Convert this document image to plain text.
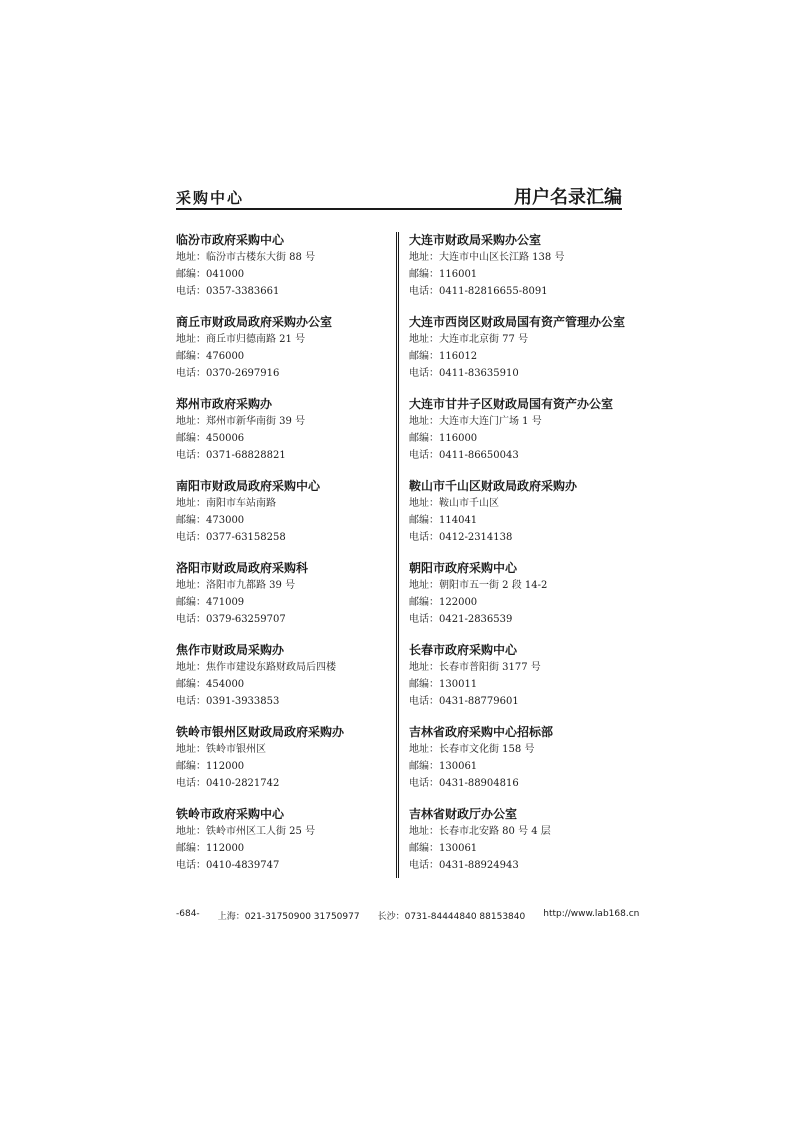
采购中心	用户名录汇编
临汾市政府采购中心
地址：临汾市古楼东大街 88 号
邮编：041000
电话：0357-3383661
商丘市财政局政府采购办公室
地址：商丘市归德南路 21 号
邮编：476000
电话：0370-2697916
郑州市政府采购办
地址：郑州市新华南街 39 号
邮编：450006
电话：0371-68828821
南阳市财政局政府采购中心
地址：南阳市车站南路
邮编：473000
电话：0377-63158258
洛阳市财政局政府采购科
地址：洛阳市九都路 39 号
邮编：471009
电话：0379-63259707
焦作市财政局采购办
地址：焦作市建设东路财政局后四楼
邮编：454000
电话：0391-3933853
铁岭市银州区财政局政府采购办
地址：铁岭市银州区
邮编：112000
电话：0410-2821742
铁岭市政府采购中心
地址：铁岭市州区工人街 25 号
邮编：112000
电话：0410-4839747
大连市财政局采购办公室
地址：大连市中山区长江路 138 号
邮编：116001
电话：0411-82816655-8091
大连市西岗区财政局国有资产管理办公室
地址：大连市北京街 77 号
邮编：116012
电话：0411-83635910
大连市甘井子区财政局国有资产办公室
地址：大连市大连门广场 1 号
邮编：116000
电话：0411-86650043
鞍山市千山区财政局政府采购办
地址：鞍山市千山区
邮编：114041
电话：0412-2314138
朝阳市政府采购中心
地址：朝阳市五一街 2 段 14-2
邮编：122000
电话：0421-2836539
长春市政府采购中心
地址：长春市普阳街 3177 号
邮编：130011
电话：0431-88779601
吉林省政府采购中心招标部
地址：长春市文化街 158 号
邮编：130061
电话：0431-88904816
吉林省财政厅办公室
地址：长春市北安路 80 号 4 层
邮编：130061
电话：0431-88924943
-684- 上海：021-31750900 31750977 长沙：0731-84444840 88153840 http://www.lab168.cn
